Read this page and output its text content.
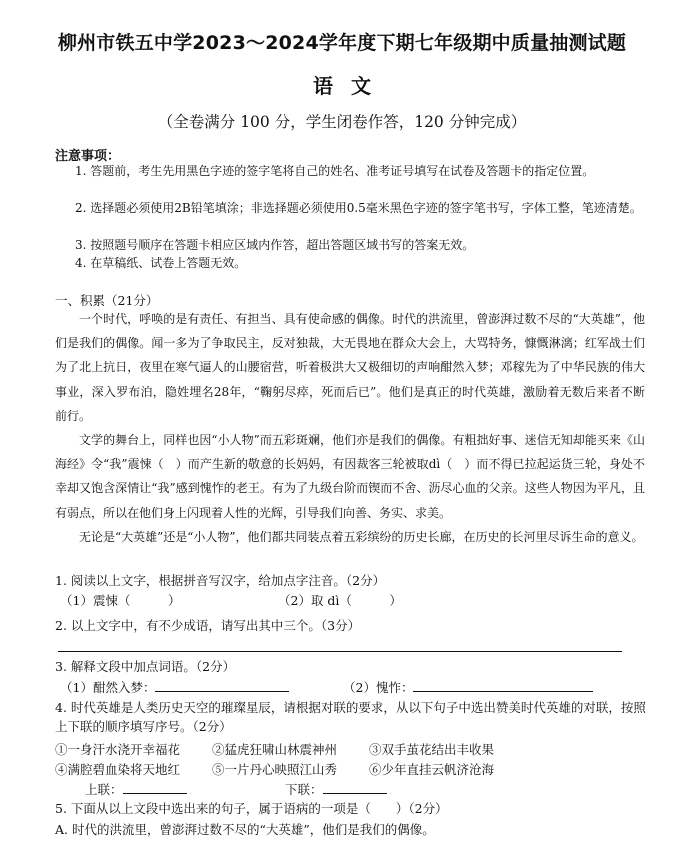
柳州市铁五中学2023～2024学年度下期七年级期中质量抽测试题
语文
（全卷满分 100 分，学生闭卷作答，120 分钟完成）
注意事项：
1. 答题前，考生先用黑色字迹的签字笔将自己的姓名、准考证号填写在试卷及答题卡的指定位置。
2. 选择题必须使用2B铅笔填涂；非选择题必须使用0.5毫米黑色字迹的签字笔书写，字体工整，笔迹清楚。
3. 按照题号顺序在答题卡相应区域内作答，超出答题区域书写的答案无效。
4. 在草稿纸、试卷上答题无效。
一、积累（21分）

一个时代，呼唤的是有责任、有担当、具有使命感的偶像。时代的洪流里，曾澎湃过数不尽的“大英雄”，他们是我们的偶像。闻一多为了争取民主，反对独裁，大无畏地在群众大会上，大骂特务，慷慨淋漓；红军战士们为了北上抗日，夜里在寒气逼人的山腰宿营，听着极洪大又极细切的声响酣然入梦；邓稼先为了中华民族的伟大事业，深入罗布泊，隐姓埋名28年，“鞠躬尽瘁，死而后已”。他们是真正的时代英雄，激励着无数后来者不断前行。

文学的舞台上，同样也因“小人物”而五彩斑斓，他们亦是我们的偶像。有粗拙好事、迷信无知却能买来《山海经》令“我”震悚（　）而产生新的敬意的长妈妈，有因裁客三轮被取dì（　）而不得已拉起运货三轮，身处不幸却又饱含深情让“我”感到愧怍的老王。有为了九级台阶而锲而不舍、沥尽心血的父亲。这些人物因为平凡，且有弱点，所以在他们身上闪现着人性的光辉，引导我们向善、务实、求美。

无论是“大英雄”还是“小人物”，他们都共同装点着五彩缤纷的历史长廊，在历史的长河里尽诉生命的意义。

1. 阅读以上文字，根据拼音写汉字，给加点字注音。（2分）
（1）震悚（　　　）	（2）取 dì（　　　）
2. 以上文字中，有不少成语，请写出其中三个。（3分）
3. 解释文段中加点词语。（2分）
（1）酣然入梦：	（2）愧怍：
4. 时代英雄是人类历史天空的璀璨星辰，请根据对联的要求，从以下句子中选出赞美时代英雄的对联，按照上下联的顺序填写序号。（2分）
①一身汗水浇开幸福花	②猛虎狂啸山林震神州	③双手茧花结出丰收果
④满腔碧血染将天地红	⑤一片丹心映照江山秀	⑥少年直挂云帆济沧海
上联：	下联：
5. 下面从以上文段中选出来的句子，属于语病的一项是（　　）（2分）
A. 时代的洪流里，曾澎湃过数不尽的“大英雄”，他们是我们的偶像。
